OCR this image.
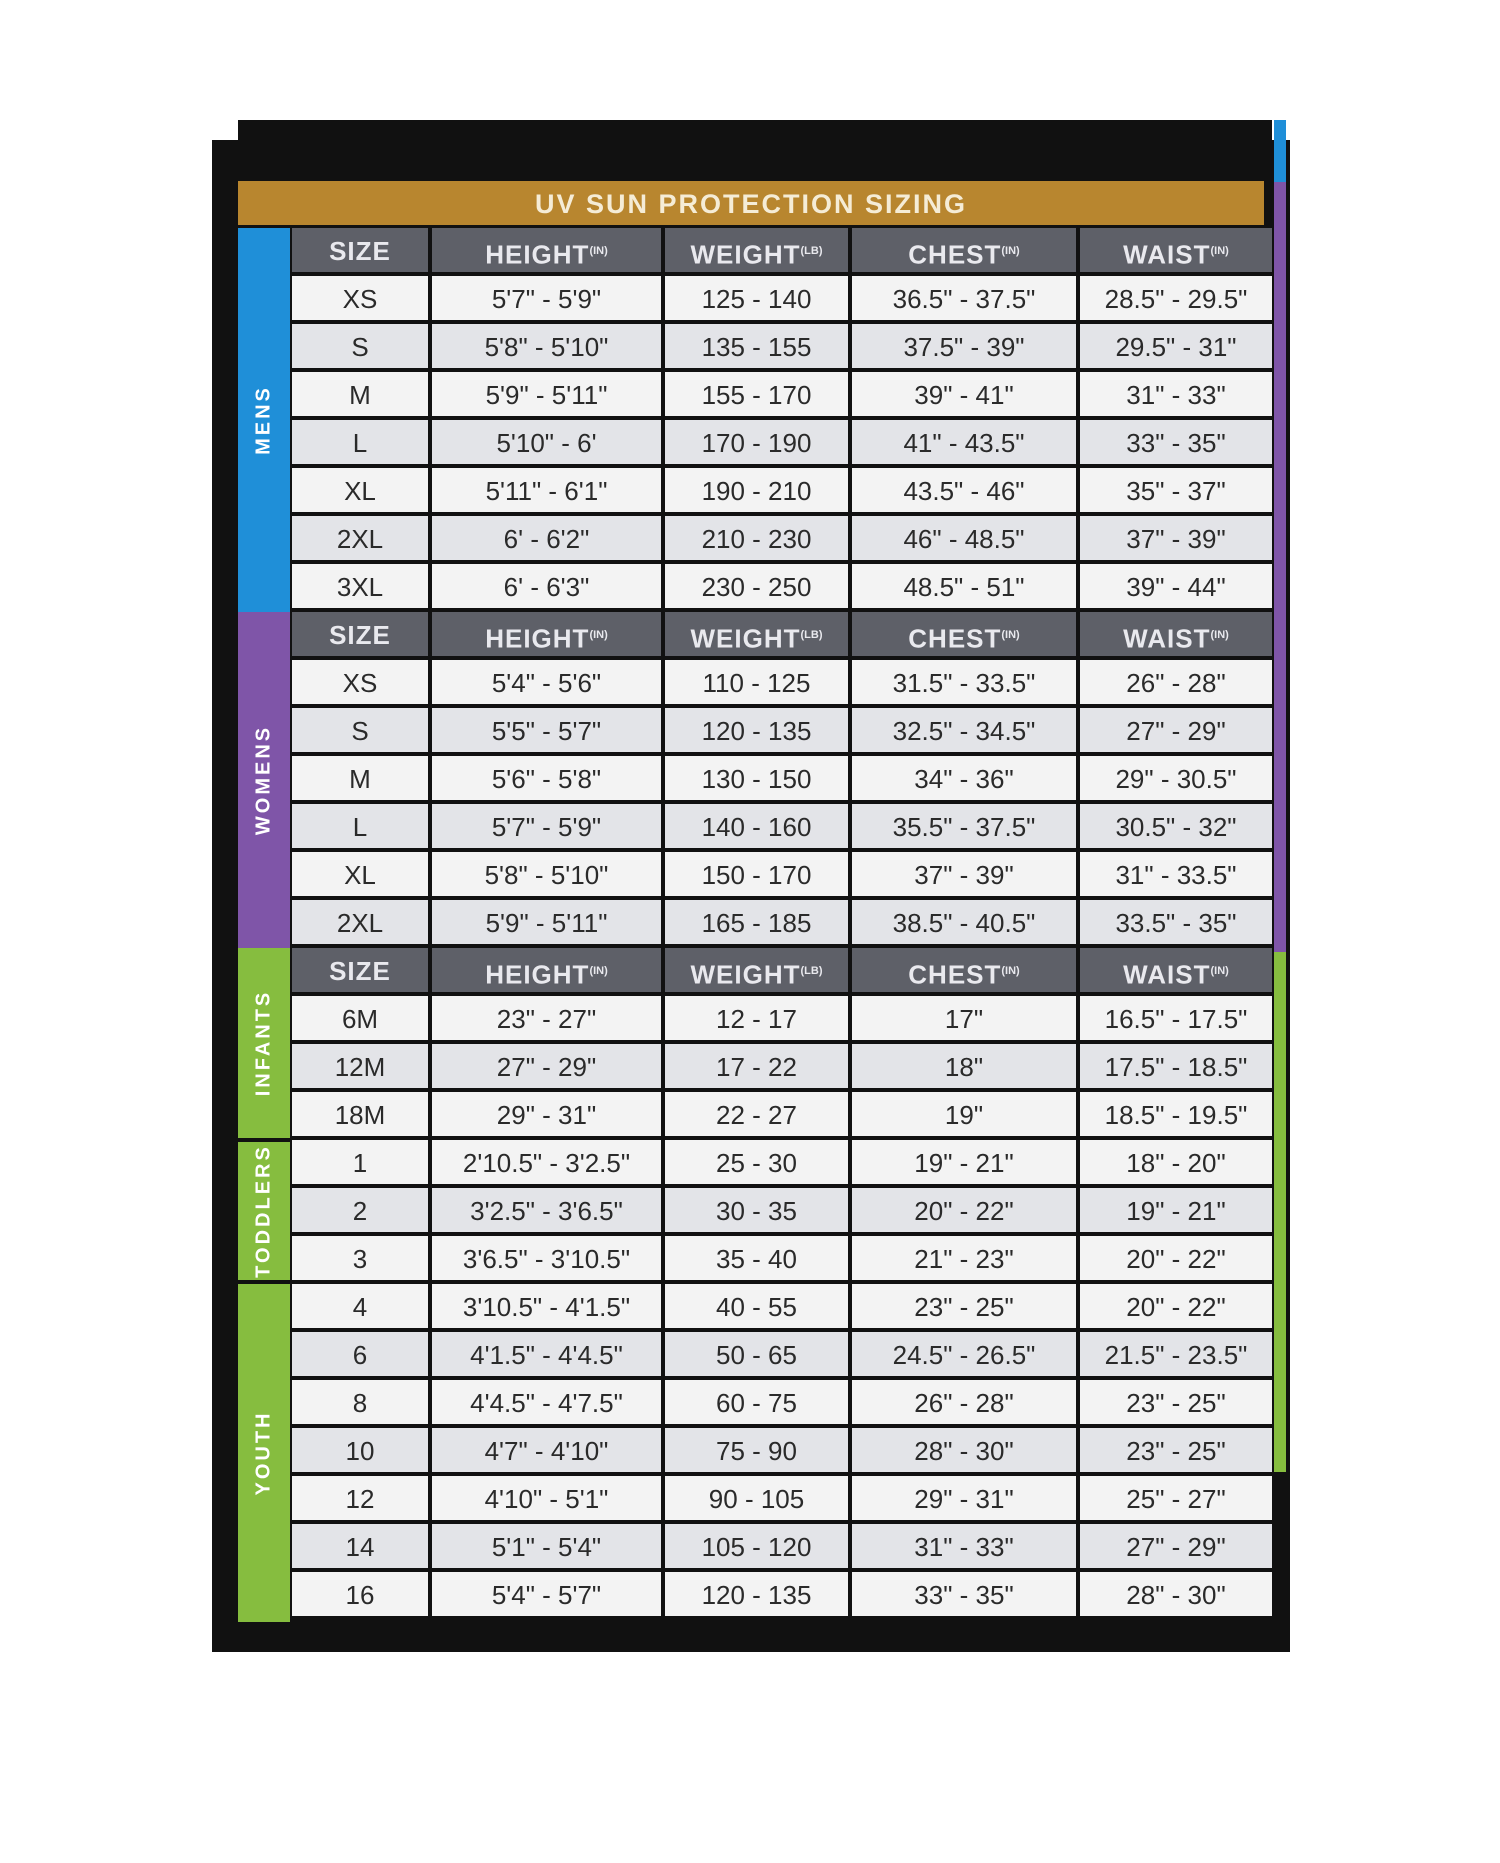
UV SUN PROTECTION SIZING
MENS
WOMENS
INFANTS
TODDLERS
YOUTH
SIZE	$HEIGHT^{(IN)}$	$WEIGHT^{(LB)}$	$CHEST^{(IN)}$	$WAIST^{(IN)}$
XS	5'7" - 5'9"	125 - 140	36.5" - 37.5"	28.5" - 29.5"
S	5'8" - 5'10"	135 - 155	37.5" - 39"	29.5" - 31"
M	5'9" - 5'11"	155 - 170	39" - 41"	31" - 33"
L	5'10" - 6'	170 - 190	41" - 43.5"	33" - 35"
XL	5'11" - 6'1"	190 - 210	43.5" - 46"	35" - 37"
2XL	6' - 6'2"	210 - 230	46" - 48.5"	37" - 39"
3XL	6' - 6'3"	230 - 250	48.5" - 51"	39" - 44"
SIZE	$HEIGHT^{(IN)}$	$WEIGHT^{(LB)}$	$CHEST^{(IN)}$	$WAIST^{(IN)}$
XS	5'4" - 5'6"	110 - 125	31.5" - 33.5"	26" - 28"
S	5'5" - 5'7"	120 - 135	32.5" - 34.5"	27" - 29"
M	5'6" - 5'8"	130 - 150	34" - 36"	29" - 30.5"
L	5'7" - 5'9"	140 - 160	35.5" - 37.5"	30.5" - 32"
XL	5'8" - 5'10"	150 - 170	37" - 39"	31" - 33.5"
2XL	5'9" - 5'11"	165 - 185	38.5" - 40.5"	33.5" - 35"
SIZE	$HEIGHT^{(IN)}$	$WEIGHT^{(LB)}$	$CHEST^{(IN)}$	$WAIST^{(IN)}$
6M	23" - 27"	12 - 17	17"	16.5" - 17.5"
12M	27" - 29"	17 - 22	18"	17.5" - 18.5"
18M	29" - 31"	22 - 27	19"	18.5" - 19.5"
1	2'10.5" - 3'2.5"	25 - 30	19" - 21"	18" - 20"
2	3'2.5" - 3'6.5"	30 - 35	20" - 22"	19" - 21"
3	3'6.5" - 3'10.5"	35 - 40	21" - 23"	20" - 22"
4	3'10.5" - 4'1.5"	40 - 55	23" - 25"	20" - 22"
6	4'1.5" - 4'4.5"	50 - 65	24.5" - 26.5"	21.5" - 23.5"
8	4'4.5" - 4'7.5"	60 - 75	26" - 28"	23" - 25"
10	4'7" - 4'10"	75 - 90	28" - 30"	23" - 25"
12	4'10" - 5'1"	90 - 105	29" - 31"	25" - 27"
14	5'1" - 5'4"	105 - 120	31" - 33"	27" - 29"
16	5'4" - 5'7"	120 - 135	33" - 35"	28" - 30"
